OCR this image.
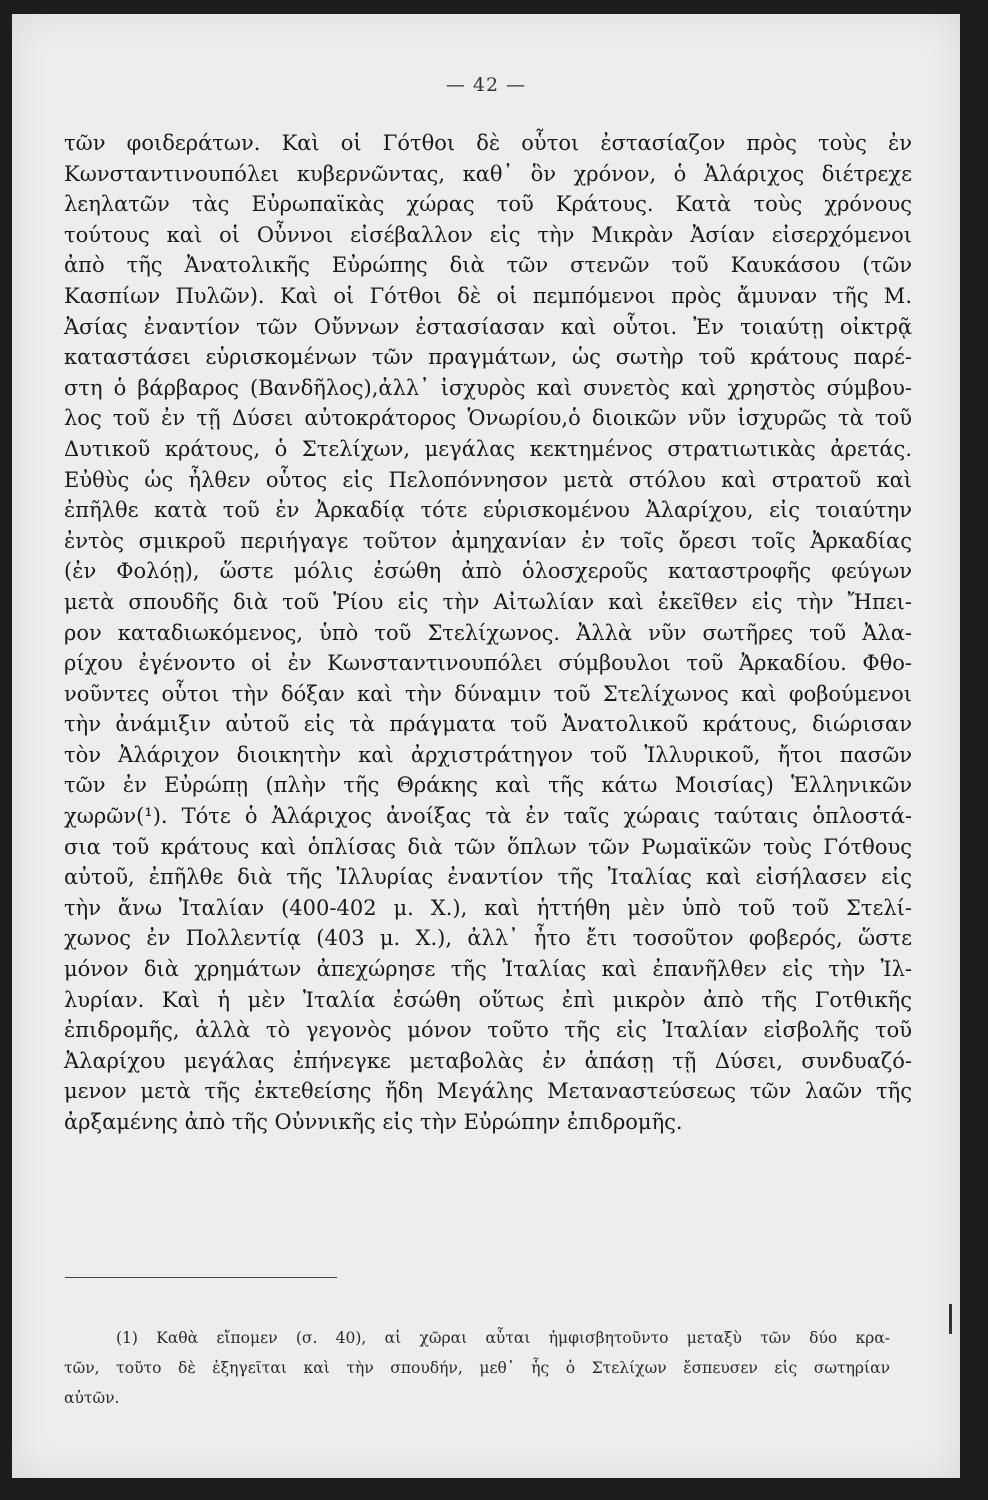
— 42 —
τῶν φοιδεράτων. Καὶ οἱ Γότθοι δὲ οὗτοι ἐστασίαζον πρὸς τοὺς ἐν
Κωνσταντινουπόλει κυβερνῶντας, καθ᾽ ὃν χρόνον, ὁ Ἀλάριχος διέτρεχε
λεηλατῶν τὰς Εὐρωπαϊκὰς χώρας τοῦ Κράτους. Κατὰ τοὺς χρόνους
τούτους καὶ οἱ Οὖννοι εἰσέβαλλον εἰς τὴν Μικρὰν Ἀσίαν εἰσερχόμενοι
ἀπὸ τῆς Ἀνατολικῆς Εὐρώπης διὰ τῶν στενῶν τοῦ Καυκάσου (τῶν
Κασπίων Πυλῶν). Καὶ οἱ Γότθοι δὲ οἱ πεμπόμενοι πρὸς ἄμυναν τῆς Μ.
Ἀσίας ἐναντίον τῶν Οὔννων ἐστασίασαν καὶ οὗτοι. Ἐν τοιαύτῃ οἰκτρᾷ
καταστάσει εὑρισκομένων τῶν πραγμάτων, ὡς σωτὴρ τοῦ κράτους παρέ-
στη ὁ βάρβαρος (Βανδῆλος),ἀλλ᾽ ἰσχυρὸς καὶ συνετὸς καὶ χρηστὸς σύμβου-
λος τοῦ ἐν τῇ Δύσει αὐτοκράτορος Ὁνωρίου,ὁ διοικῶν νῦν ἰσχυρῶς τὰ τοῦ
Δυτικοῦ κράτους, ὁ Στελίχων, μεγάλας κεκτημένος στρατιωτικὰς ἀρετάς.
Εὐθὺς ὡς ἦλθεν οὗτος εἰς Πελοπόννησον μετὰ στόλου καὶ στρατοῦ καὶ
ἐπῆλθε κατὰ τοῦ ἐν Ἀρκαδίᾳ τότε εὑρισκομένου Ἀλαρίχου, εἰς τοιαύτην
ἐντὸς σμικροῦ περιήγαγε τοῦτον ἀμηχανίαν ἐν τοῖς ὄρεσι τοῖς Ἀρκαδίας
(ἐν Φολόῃ), ὥστε μόλις ἐσώθη ἀπὸ ὁλοσχεροῦς καταστροφῆς φεύγων
μετὰ σπουδῆς διὰ τοῦ Ῥίου εἰς τὴν Αἰτωλίαν καὶ ἐκεῖθεν εἰς τὴν Ἤπει-
ρον καταδιωκόμενος, ὑπὸ τοῦ Στελίχωνος. Ἀλλὰ νῦν σωτῆρες τοῦ Ἀλα-
ρίχου ἐγένοντο οἱ ἐν Κωνσταντινουπόλει σύμβουλοι τοῦ Ἀρκαδίου. Φθο-
νοῦντες οὗτοι τὴν δόξαν καὶ τὴν δύναμιν τοῦ Στελίχωνος καὶ φοβούμενοι
τὴν ἀνάμιξιν αὐτοῦ εἰς τὰ πράγματα τοῦ Ἀνατολικοῦ κράτους, διώρισαν
τὸν Ἀλάριχον διοικητὴν καὶ ἀρχιστράτηγον τοῦ Ἰλλυρικοῦ, ἤτοι πασῶν
τῶν ἐν Εὐρώπῃ (πλὴν τῆς Θράκης καὶ τῆς κάτω Μοισίας) Ἑλληνικῶν
χωρῶν(¹). Τότε ὁ Ἀλάριχος ἀνοίξας τὰ ἐν ταῖς χώραις ταύταις ὁπλοστά-
σια τοῦ κράτους καὶ ὁπλίσας διὰ τῶν ὅπλων τῶν Ρωμαϊκῶν τοὺς Γότθους
αὐτοῦ, ἐπῆλθε διὰ τῆς Ἰλλυρίας ἐναντίον τῆς Ἰταλίας καὶ εἰσήλασεν εἰς
τὴν ἄνω Ἰταλίαν (400-402 μ. Χ.), καὶ ἡττήθη μὲν ὑπὸ τοῦ τοῦ Στελί-
χωνος ἐν Πολλεντίᾳ (403 μ. Χ.), ἀλλ᾽ ἦτο ἔτι τοσοῦτον φοβερός, ὥστε
μόνον διὰ χρημάτων ἀπεχώρησε τῆς Ἰταλίας καὶ ἐπανῆλθεν εἰς τὴν Ἰλ-
λυρίαν. Καὶ ἡ μὲν Ἰταλία ἐσώθη οὕτως ἐπὶ μικρὸν ἀπὸ τῆς Γοτθικῆς
ἐπιδρομῆς, ἀλλὰ τὸ γεγονὸς μόνον τοῦτο τῆς εἰς Ἰταλίαν εἰσβολῆς τοῦ
Ἀλαρίχου μεγάλας ἐπήνεγκε μεταβολὰς ἐν ἁπάσῃ τῇ Δύσει, συνδυαζό-
μενον μετὰ τῆς ἐκτεθείσης ἤδη Μεγάλης Μεταναστεύσεως τῶν λαῶν τῆς
ἀρξαμένης ἀπὸ τῆς Οὐννικῆς εἰς τὴν Εὐρώπην ἐπιδρομῆς.
(1) Καθὰ εἴπομεν (σ. 40), αἱ χῶραι αὗται ἠμφισβητοῦντο μεταξὺ τῶν δύο κρα-
τῶν, τοῦτο δὲ ἐξηγεῖται καὶ τὴν σπουδήν, μεθ᾽ ἧς ὁ Στελίχων ἔσπευσεν εἰς σωτηρίαν
αὐτῶν.
